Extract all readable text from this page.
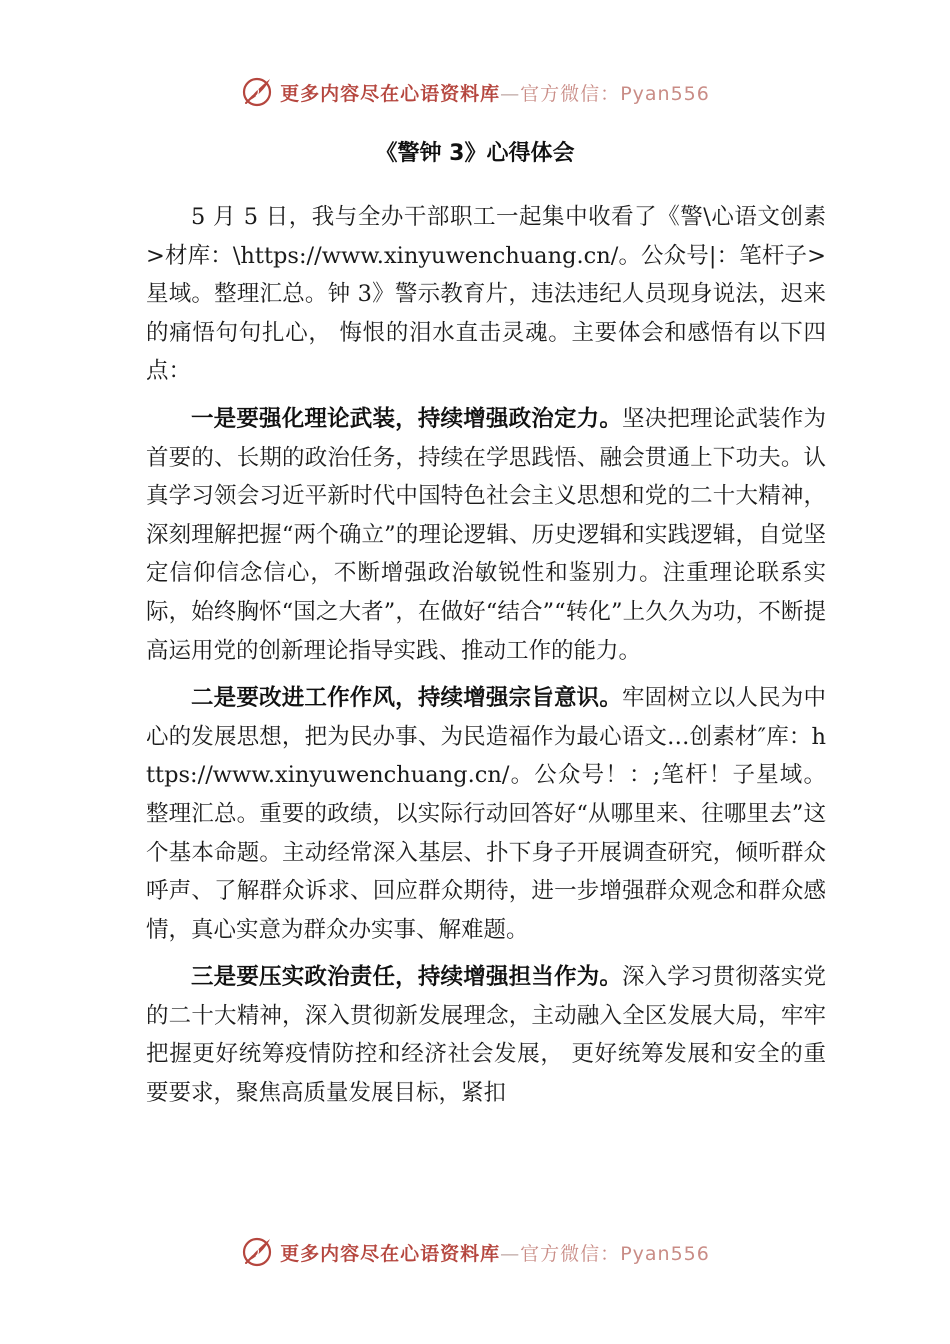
更多内容尽在心语资料库—官方微信：Pyan556
《警钟 3》心得体会

5 月 5 日，我与全办干部职工一起集中收看了《警\心语文创素>材库：\https://www.xinyuwenchuang.cn/。公众号|：笔杆子>星域。整理汇总。钟 3》警示教育片，违法违纪人员现身说法，迟来的痛悟句句扎心， 悔恨的泪水直击灵魂。主要体会和感悟有以下四点：

一是要强化理论武装，持续增强政治定力。坚决把理论武装作为首要的、长期的政治任务，持续在学思践悟、融会贯通上下功夫。认真学习领会习近平新时代中国特色社会主义思想和党的二十大精神，深刻理解把握“两个确立”的理论逻辑、历史逻辑和实践逻辑，自觉坚定信仰信念信心，不断增强政治敏锐性和鉴别力。注重理论联系实际，始终胸怀“国之大者”，在做好“结合”“转化”上久久为功，不断提高运用党的创新理论指导实践、推动工作的能力。

二是要改进工作作风，持续增强宗旨意识。牢固树立以人民为中心的发展思想，把为民办事、为民造福作为最心语文…创素材″库：https://www.xinyuwenchuang.cn/。公众号！：;笔杆！子星域。整理汇总。重要的政绩，以实际行动回答好“从哪里来、往哪里去”这个基本命题。主动经常深入基层、扑下身子开展调查研究，倾听群众呼声、了解群众诉求、回应群众期待，进一步增强群众观念和群众感情，真心实意为群众办实事、解难题。

三是要压实政治责任，持续增强担当作为。深入学习贯彻落实党的二十大精神，深入贯彻新发展理念，主动融入全区发展大局，牢牢把握更好统筹疫情防控和经济社会发展， 更好统筹发展和安全的重要要求，聚焦高质量发展目标，紧扣

更多内容尽在心语资料库—官方微信：Pyan556
